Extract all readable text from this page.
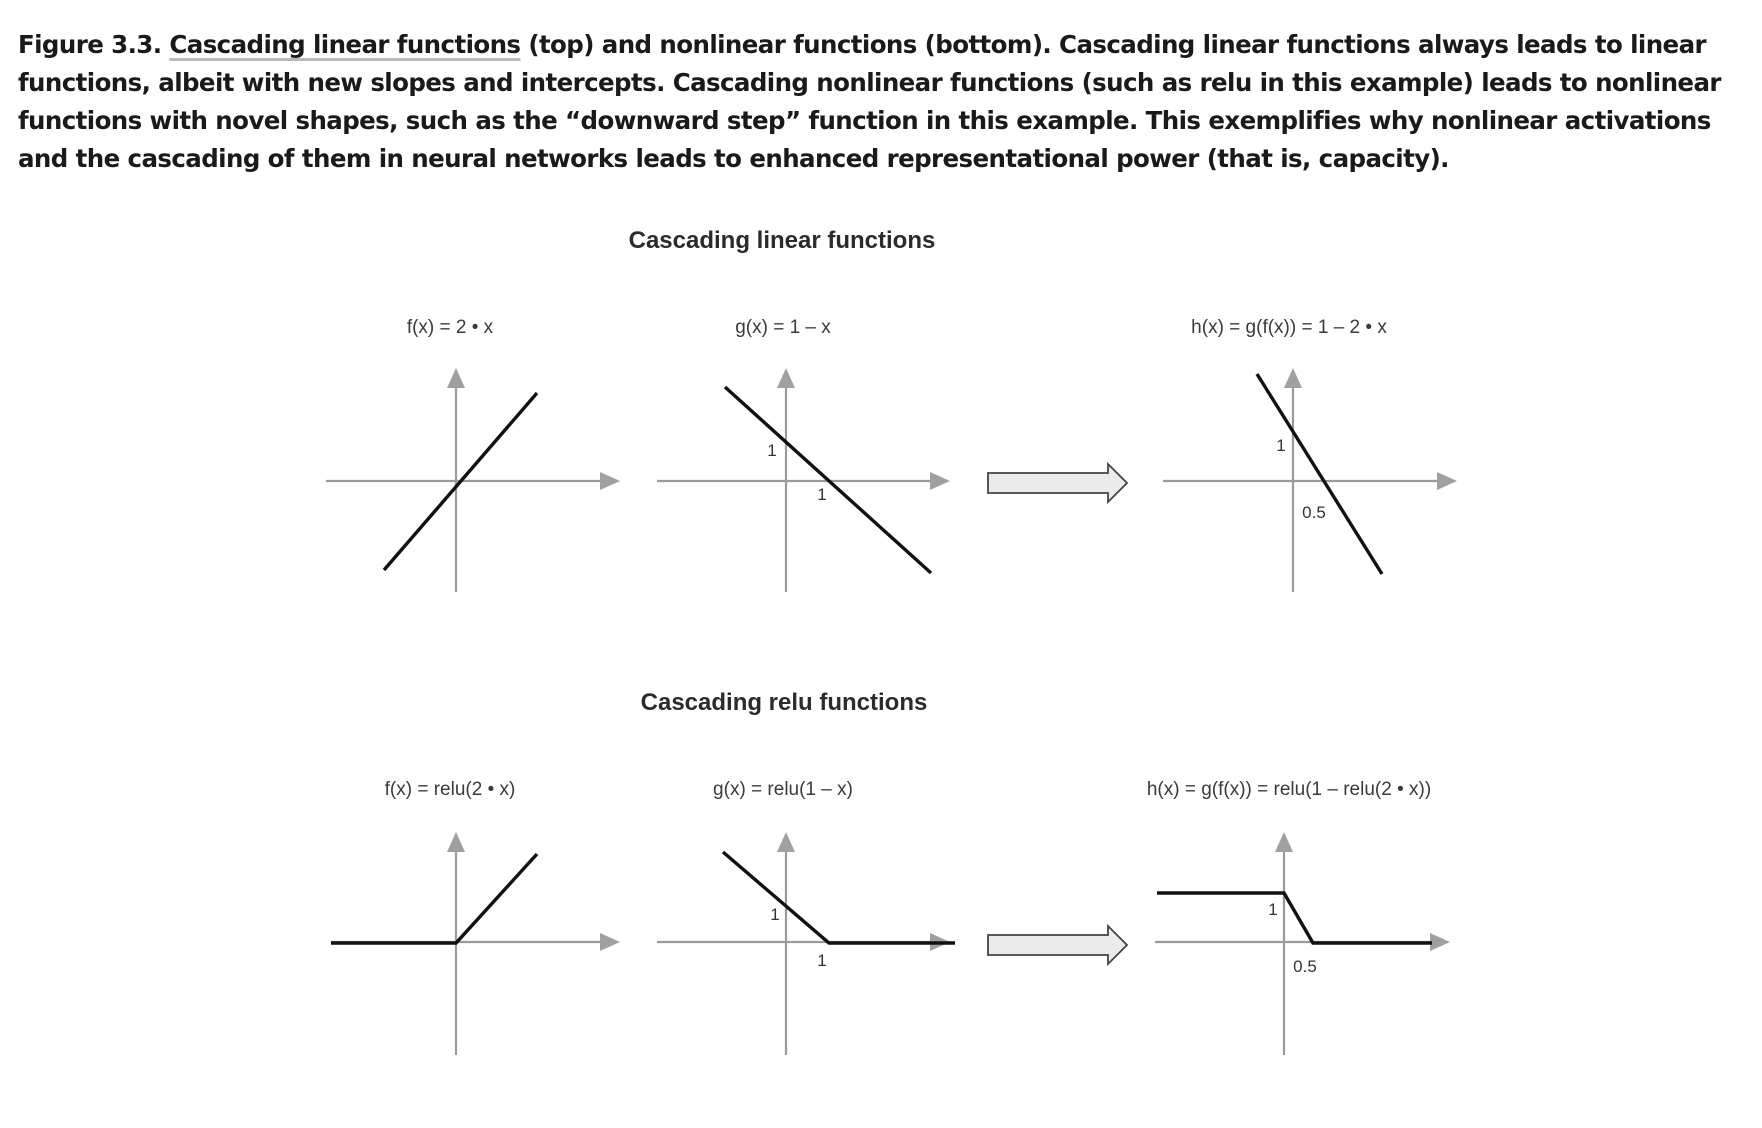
Figure 3.3. Cascading linear functions (top) and nonlinear functions (bottom). Cascading linear functions always leads to linear functions, albeit with new slopes and intercepts. Cascading nonlinear functions (such as relu in this example) leads to nonlinear functions with novel shapes, such as the “downward step” function in this example. This exemplifies why nonlinear activations and the cascading of them in neural networks leads to enhanced representational power (that is, capacity).

Cascading linear functions
f(x) = 2 • x	g(x) = 1 – x	h(x) = g(f(x)) = 1 – 2 • x
1
1
1
0.5
Cascading relu functions
f(x) = relu(2 • x)	g(x) = relu(1 – x)	h(x) = g(f(x)) = relu(1 – relu(2 • x))
1
1
1
0.5
